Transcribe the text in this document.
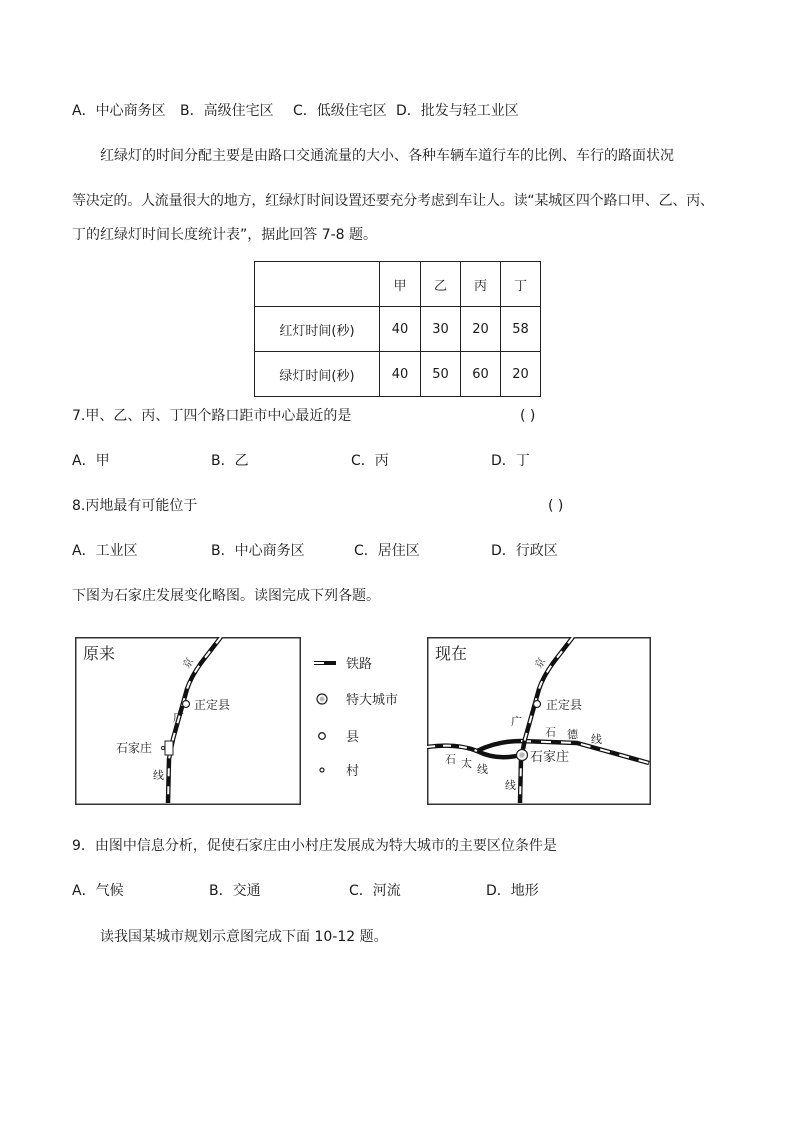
A．中心商务区 B．高级住宅区 C．低级住宅区 D．批发与轻工业区
红绿灯的时间分配主要是由路口交通流量的大小、各种车辆车道行车的比例、车行的路面状况
等决定的。人流量很大的地方，红绿灯时间设置还要充分考虑到车让人。读“某城区四个路口甲、乙、丙、
丁的红绿灯时间长度统计表”，据此回答 7-8 题。
	甲	乙	丙	丁
红灯时间(秒)	40	30	20	58
绿灯时间(秒)	40	50	60	20
7.甲、乙、丙、丁四个路口距市中心最近的是	( )
A．甲	B．乙	C．丙	D．丁
8.丙地最有可能位于	( )
A．工业区	B．中心商务区	C．居住区	D．行政区
下图为石家庄发展变化略图。读图完成下列各题。
原来
京
广
线
正定县
石家庄
铁路
特大城市
县
村
现在
京
广
线
正定县
石家庄
石 德 线
石 太 线
9．由图中信息分析，促使石家庄由小村庄发展成为特大城市的主要区位条件是
A．气候	B．交通	C．河流	D．地形
读我国某城市规划示意图完成下面 10-12 题。
